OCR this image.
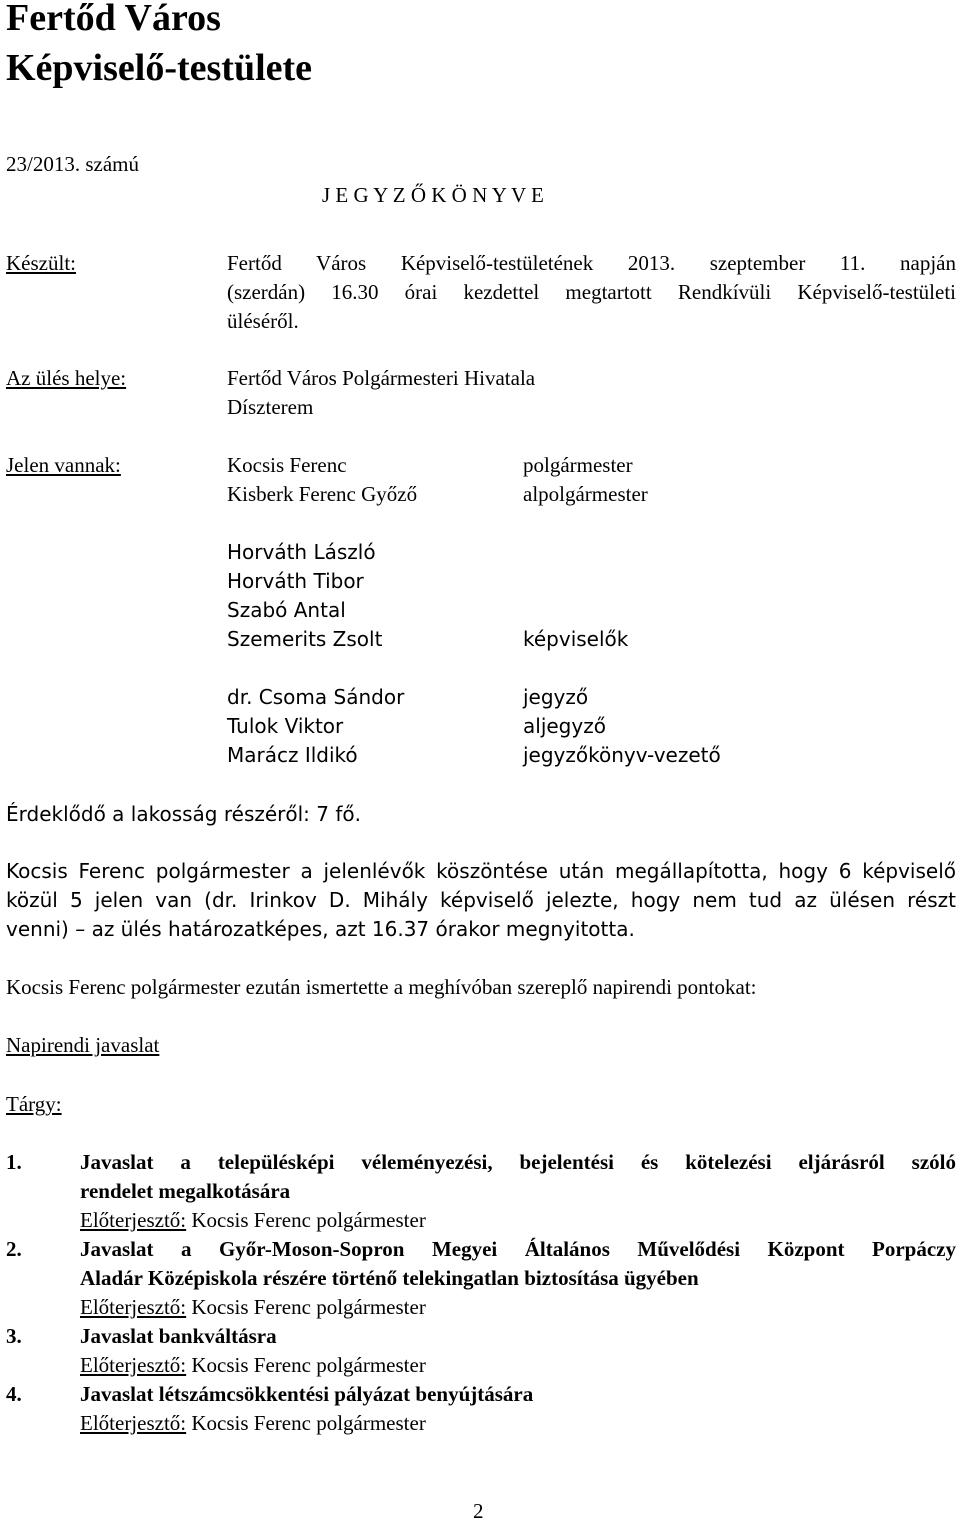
Fertőd Város
Képviselő-testülete
23/2013. számú
J E G Y Z Ő K Ö N Y V E
Készült:	Fertőd Város Képviselő-testületének 2013. szeptember 11. napján
(szerdán) 16.30 órai kezdettel megtartott Rendkívüli Képviselő-testületi
üléséről.
Az ülés helye:	Fertőd Város Polgármesteri Hivatala
Díszterem
Jelen vannak:	Kocsis Ferenc	polgármester
Kisberk Ferenc Győző	alpolgármester
Horváth László
Horváth Tibor
Szabó Antal
Szemerits Zsolt	képviselők
dr. Csoma Sándor	jegyző
Tulok Viktor	aljegyző
Marácz Ildikó	jegyzőkönyv-vezető
Érdeklődő a lakosság részéről: 7 fő.
Kocsis Ferenc polgármester a jelenlévők köszöntése után megállapította, hogy 6 képviselő
közül 5 jelen van (dr. Irinkov D. Mihály képviselő jelezte, hogy nem tud az ülésen részt
venni) – az ülés határozatképes, azt 16.37 órakor megnyitotta.
Kocsis Ferenc polgármester ezután ismertette a meghívóban szereplő napirendi pontokat:
Napirendi javaslat
Tárgy:
1.	Javaslat a településképi véleményezési, bejelentési és kötelezési eljárásról szóló
rendelet megalkotására
Előterjesztő: Kocsis Ferenc polgármester
2.	Javaslat a Győr-Moson-Sopron Megyei Általános Művelődési Központ Porpáczy
Aladár Középiskola részére történő telekingatlan biztosítása ügyében
Előterjesztő: Kocsis Ferenc polgármester
3.	Javaslat bankváltásra
Előterjesztő: Kocsis Ferenc polgármester
4.	Javaslat létszámcsökkentési pályázat benyújtására
Előterjesztő: Kocsis Ferenc polgármester
2
